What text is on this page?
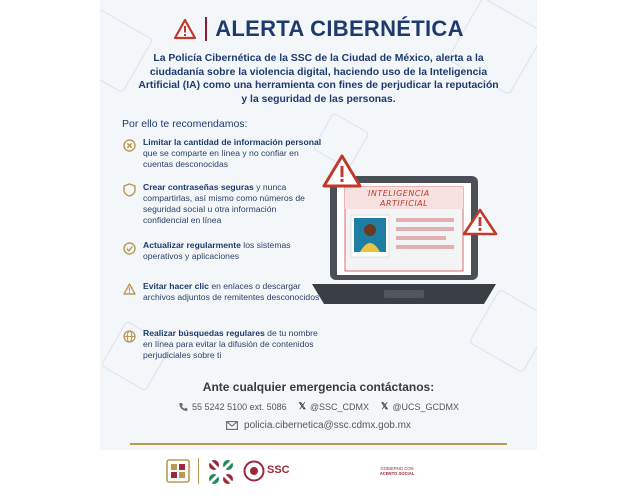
ALERTA CIBERNÉTICA
La Policía Cibernética de la SSC de la Ciudad de México, alerta a la ciudadanía sobre la violencia digital, haciendo uso de la Inteligencia Artificial (IA) como una herramienta con fines de perjudicar la reputación y la seguridad de las personas.
Por ello te recomendamos:
Limitar la cantidad de información personal que se comparte en línea y no confiar en cuentas desconocidas
Crear contraseñas seguras y nunca compartirlas, así mismo como números de seguridad social u otra información confidencial en línea
Actualizar regularmente los sistemas operativos y aplicaciones
Evitar hacer clic en enlaces o descargar archivos adjuntos de remitentes desconocidos
Realizar búsquedas regulares de tu nombre en línea para evitar la difusión de contenidos perjudiciales sobre ti
INTELIGENCIA
ARTIFICIAL
Ante cualquier emergencia contáctanos:
55 5242 5100 ext. 5086 𝕏 @SSC_CDMX 𝕏 @UCS_GCDMX
policia.cibernetica@ssc.cdmx.gob.mx
SSC	GOBIERNO CON
ACENTO SOCIAL
